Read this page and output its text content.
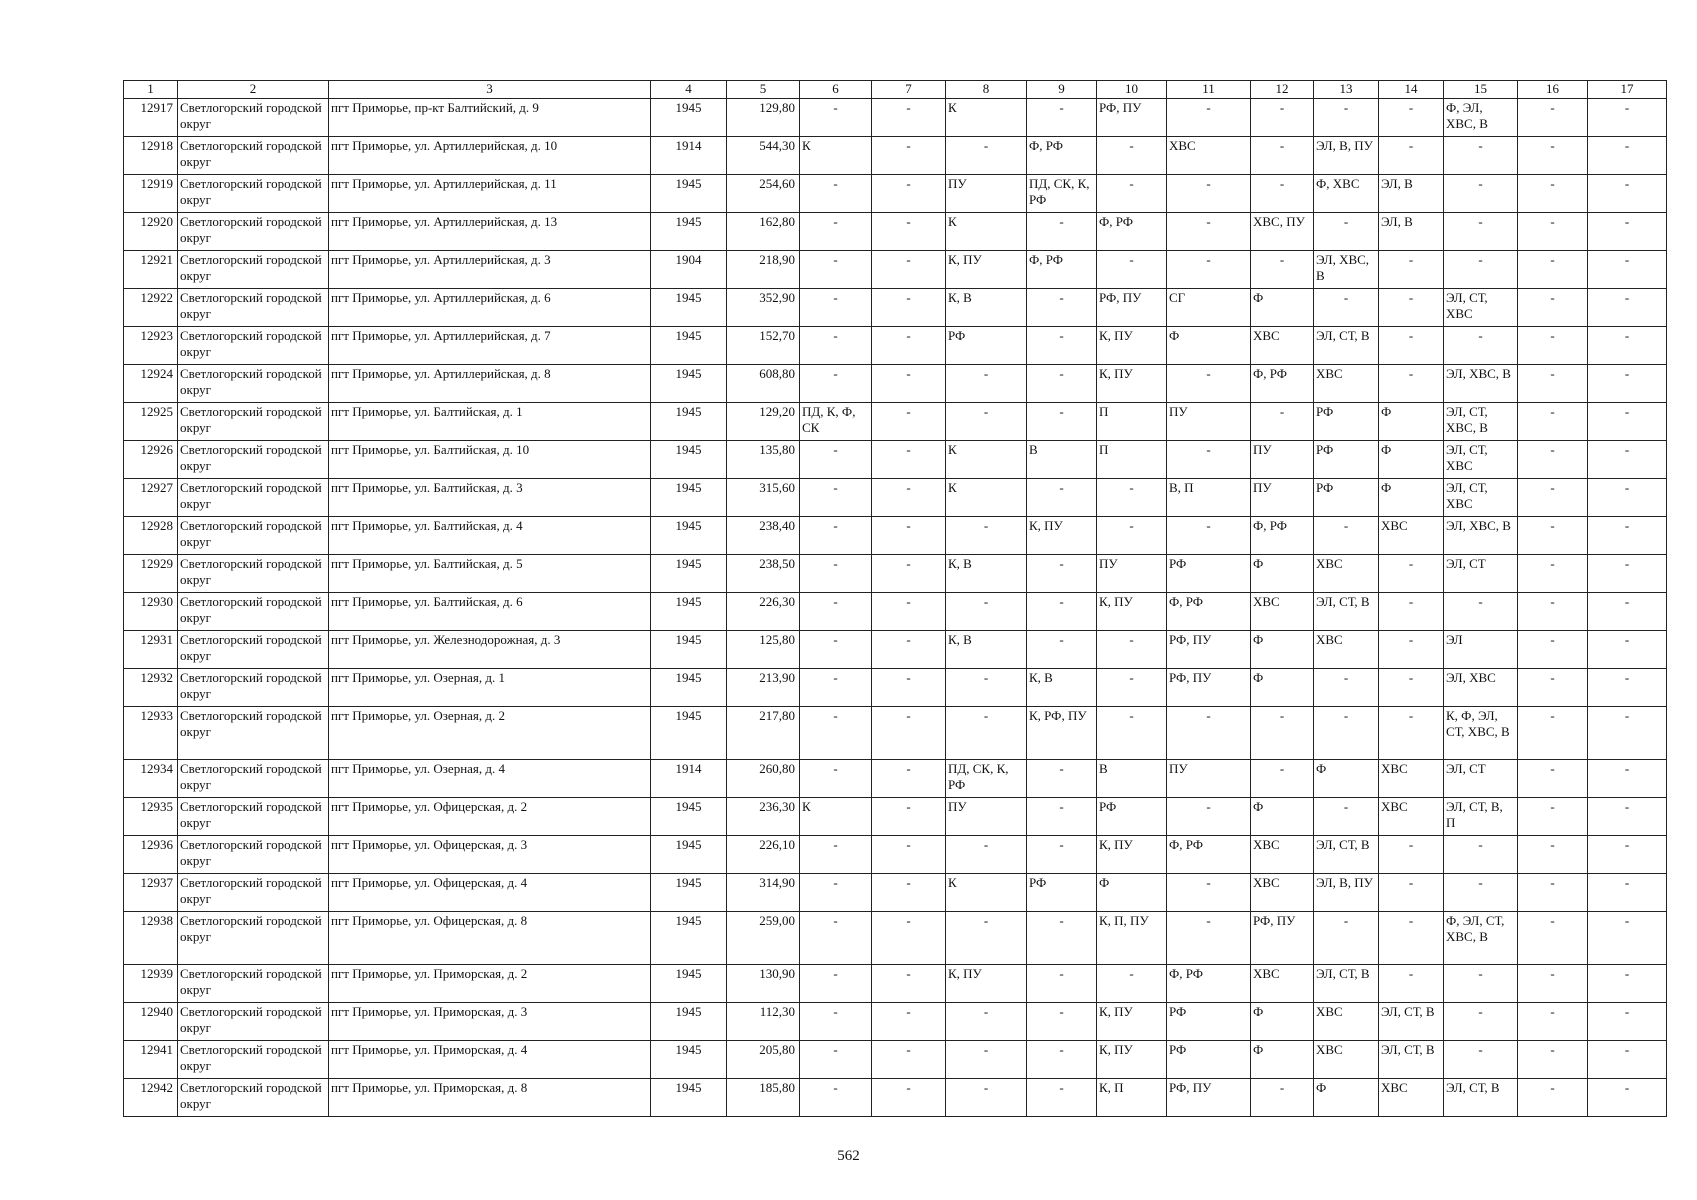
1	2	3	4	5	6	7	8	9	10	11	12	13	14	15	16	17
12917	Светлогорский городской округ	пгт Приморье, пр-кт Балтийский, д. 9	1945	129,80	-	-	К	-	РФ, ПУ	-	-	-	-	Ф, ЭЛ, ХВС, В	-	-
12918	Светлогорский городской округ	пгт Приморье, ул. Артиллерийская, д. 10	1914	544,30	К	-	-	Ф, РФ	-	ХВС	-	ЭЛ, В, ПУ	-	-	-	-
12919	Светлогорский городской округ	пгт Приморье, ул. Артиллерийская, д. 11	1945	254,60	-	-	ПУ	ПД, СК, К, РФ	-	-	-	Ф, ХВС	ЭЛ, В	-	-	-
12920	Светлогорский городской округ	пгт Приморье, ул. Артиллерийская, д. 13	1945	162,80	-	-	К	-	Ф, РФ	-	ХВС, ПУ	-	ЭЛ, В	-	-	-
12921	Светлогорский городской округ	пгт Приморье, ул. Артиллерийская, д. 3	1904	218,90	-	-	К, ПУ	Ф, РФ	-	-	-	ЭЛ, ХВС, В	-	-	-	-
12922	Светлогорский городской округ	пгт Приморье, ул. Артиллерийская, д. 6	1945	352,90	-	-	К, В	-	РФ, ПУ	СГ	Ф	-	-	ЭЛ, СТ, ХВС	-	-
12923	Светлогорский городской округ	пгт Приморье, ул. Артиллерийская, д. 7	1945	152,70	-	-	РФ	-	К, ПУ	Ф	ХВС	ЭЛ, СТ, В	-	-	-	-
12924	Светлогорский городской округ	пгт Приморье, ул. Артиллерийская, д. 8	1945	608,80	-	-	-	-	К, ПУ	-	Ф, РФ	ХВС	-	ЭЛ, ХВС, В	-	-
12925	Светлогорский городской округ	пгт Приморье, ул. Балтийская, д. 1	1945	129,20	ПД, К, Ф, СК	-	-	-	П	ПУ	-	РФ	Ф	ЭЛ, СТ, ХВС, В	-	-
12926	Светлогорский городской округ	пгт Приморье, ул. Балтийская, д. 10	1945	135,80	-	-	К	В	П	-	ПУ	РФ	Ф	ЭЛ, СТ, ХВС	-	-
12927	Светлогорский городской округ	пгт Приморье, ул. Балтийская, д. 3	1945	315,60	-	-	К	-	-	В, П	ПУ	РФ	Ф	ЭЛ, СТ, ХВС	-	-
12928	Светлогорский городской округ	пгт Приморье, ул. Балтийская, д. 4	1945	238,40	-	-	-	К, ПУ	-	-	Ф, РФ	-	ХВС	ЭЛ, ХВС, В	-	-
12929	Светлогорский городской округ	пгт Приморье, ул. Балтийская, д. 5	1945	238,50	-	-	К, В	-	ПУ	РФ	Ф	ХВС	-	ЭЛ, СТ	-	-
12930	Светлогорский городской округ	пгт Приморье, ул. Балтийская, д. 6	1945	226,30	-	-	-	-	К, ПУ	Ф, РФ	ХВС	ЭЛ, СТ, В	-	-	-	-
12931	Светлогорский городской округ	пгт Приморье, ул. Железнодорожная, д. 3	1945	125,80	-	-	К, В	-	-	РФ, ПУ	Ф	ХВС	-	ЭЛ	-	-
12932	Светлогорский городской округ	пгт Приморье, ул. Озерная, д. 1	1945	213,90	-	-	-	К, В	-	РФ, ПУ	Ф	-	-	ЭЛ, ХВС	-	-
12933	Светлогорский городской округ	пгт Приморье, ул. Озерная, д. 2	1945	217,80	-	-	-	К, РФ, ПУ	-	-	-	-	-	К, Ф, ЭЛ, СТ, ХВС, В	-	-
12934	Светлогорский городской округ	пгт Приморье, ул. Озерная, д. 4	1914	260,80	-	-	ПД, СК, К, РФ	-	В	ПУ	-	Ф	ХВС	ЭЛ, СТ	-	-
12935	Светлогорский городской округ	пгт Приморье, ул. Офицерская, д. 2	1945	236,30	К	-	ПУ	-	РФ	-	Ф	-	ХВС	ЭЛ, СТ, В, П	-	-
12936	Светлогорский городской округ	пгт Приморье, ул. Офицерская, д. 3	1945	226,10	-	-	-	-	К, ПУ	Ф, РФ	ХВС	ЭЛ, СТ, В	-	-	-	-
12937	Светлогорский городской округ	пгт Приморье, ул. Офицерская, д. 4	1945	314,90	-	-	К	РФ	Ф	-	ХВС	ЭЛ, В, ПУ	-	-	-	-
12938	Светлогорский городской округ	пгт Приморье, ул. Офицерская, д. 8	1945	259,00	-	-	-	-	К, П, ПУ	-	РФ, ПУ	-	-	Ф, ЭЛ, СТ, ХВС, В	-	-
12939	Светлогорский городской округ	пгт Приморье, ул. Приморская, д. 2	1945	130,90	-	-	К, ПУ	-	-	Ф, РФ	ХВС	ЭЛ, СТ, В	-	-	-	-
12940	Светлогорский городской округ	пгт Приморье, ул. Приморская, д. 3	1945	112,30	-	-	-	-	К, ПУ	РФ	Ф	ХВС	ЭЛ, СТ, В	-	-	-
12941	Светлогорский городской округ	пгт Приморье, ул. Приморская, д. 4	1945	205,80	-	-	-	-	К, ПУ	РФ	Ф	ХВС	ЭЛ, СТ, В	-	-	-
12942	Светлогорский городской округ	пгт Приморье, ул. Приморская, д. 8	1945	185,80	-	-	-	-	К, П	РФ, ПУ	-	Ф	ХВС	ЭЛ, СТ, В	-	-
562
